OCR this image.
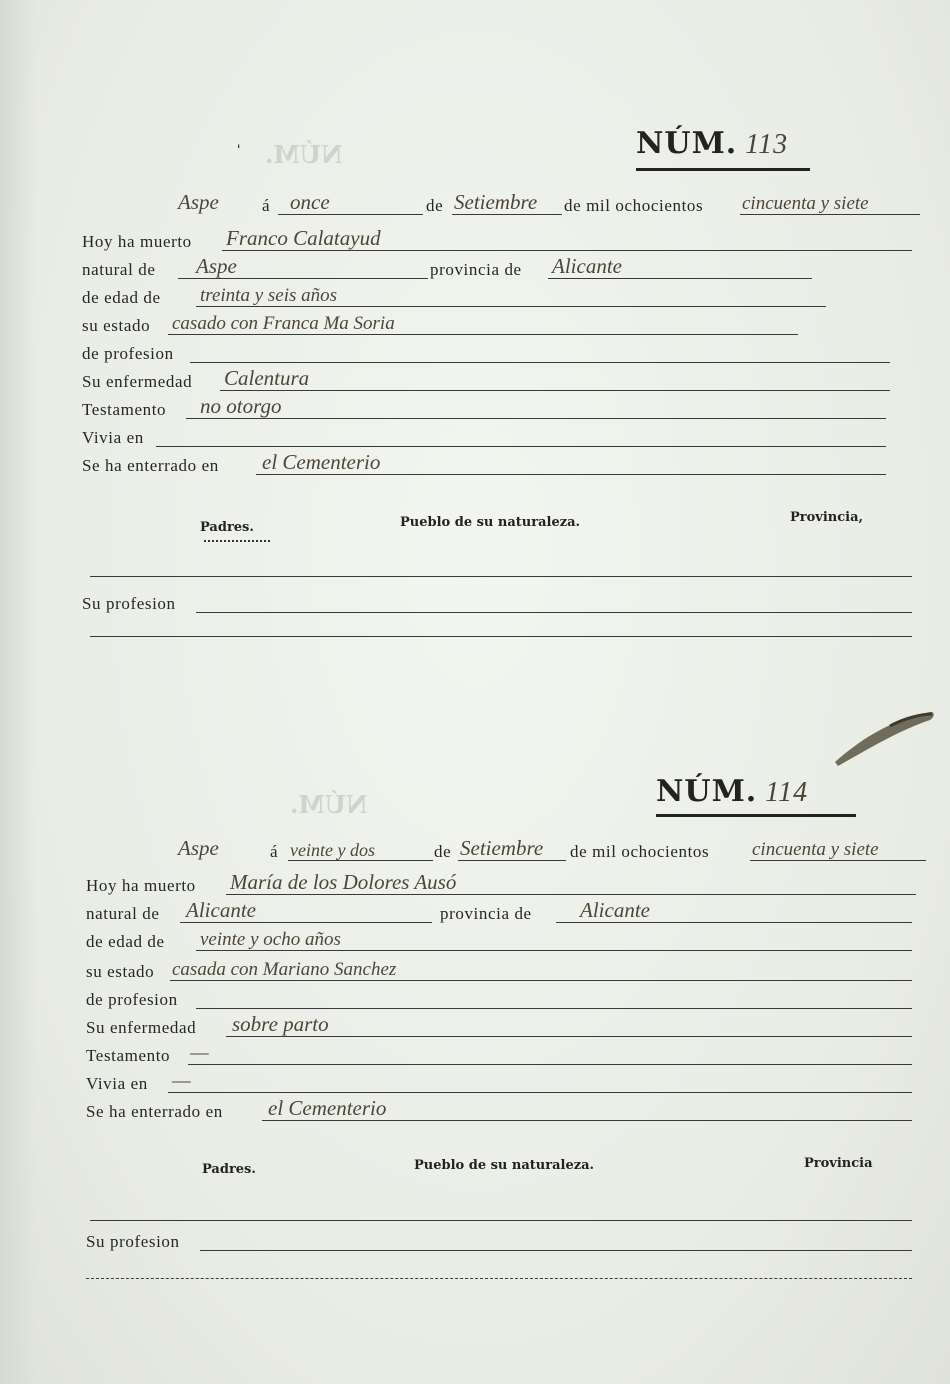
NÚM.
ˈ	NÚM. 113
Aspe	á once	de Setiembre de mil ochocientos cincuenta y siete
Hoy ha muerto Franco Calatayud
natural de Aspe	provincia de Alicante
de edad de treinta y seis años
su estado casado con Franca Ma Soria
de profesion
Su enfermedad Calentura
Testamento no otorgo
Vivia en
Se ha enterrado en el Cementerio
Padres.	Pueblo de su naturaleza.	Provincia,
Su profesion
NÚM.	NÚM. 114
Aspe	á veinte y dos	de Setiembre de mil ochocientos cincuenta y siete
Hoy ha muerto María de los Dolores Ausó
natural de Alicante	provincia de Alicante
de edad de veinte y ocho años
su estado casada con Mariano Sanchez
de profesion
Su enfermedad sobre parto
Testamento —
Vivia en —
Se ha enterrado en el Cementerio
Padres.	Pueblo de su naturaleza.	Provincia
Su profesion
